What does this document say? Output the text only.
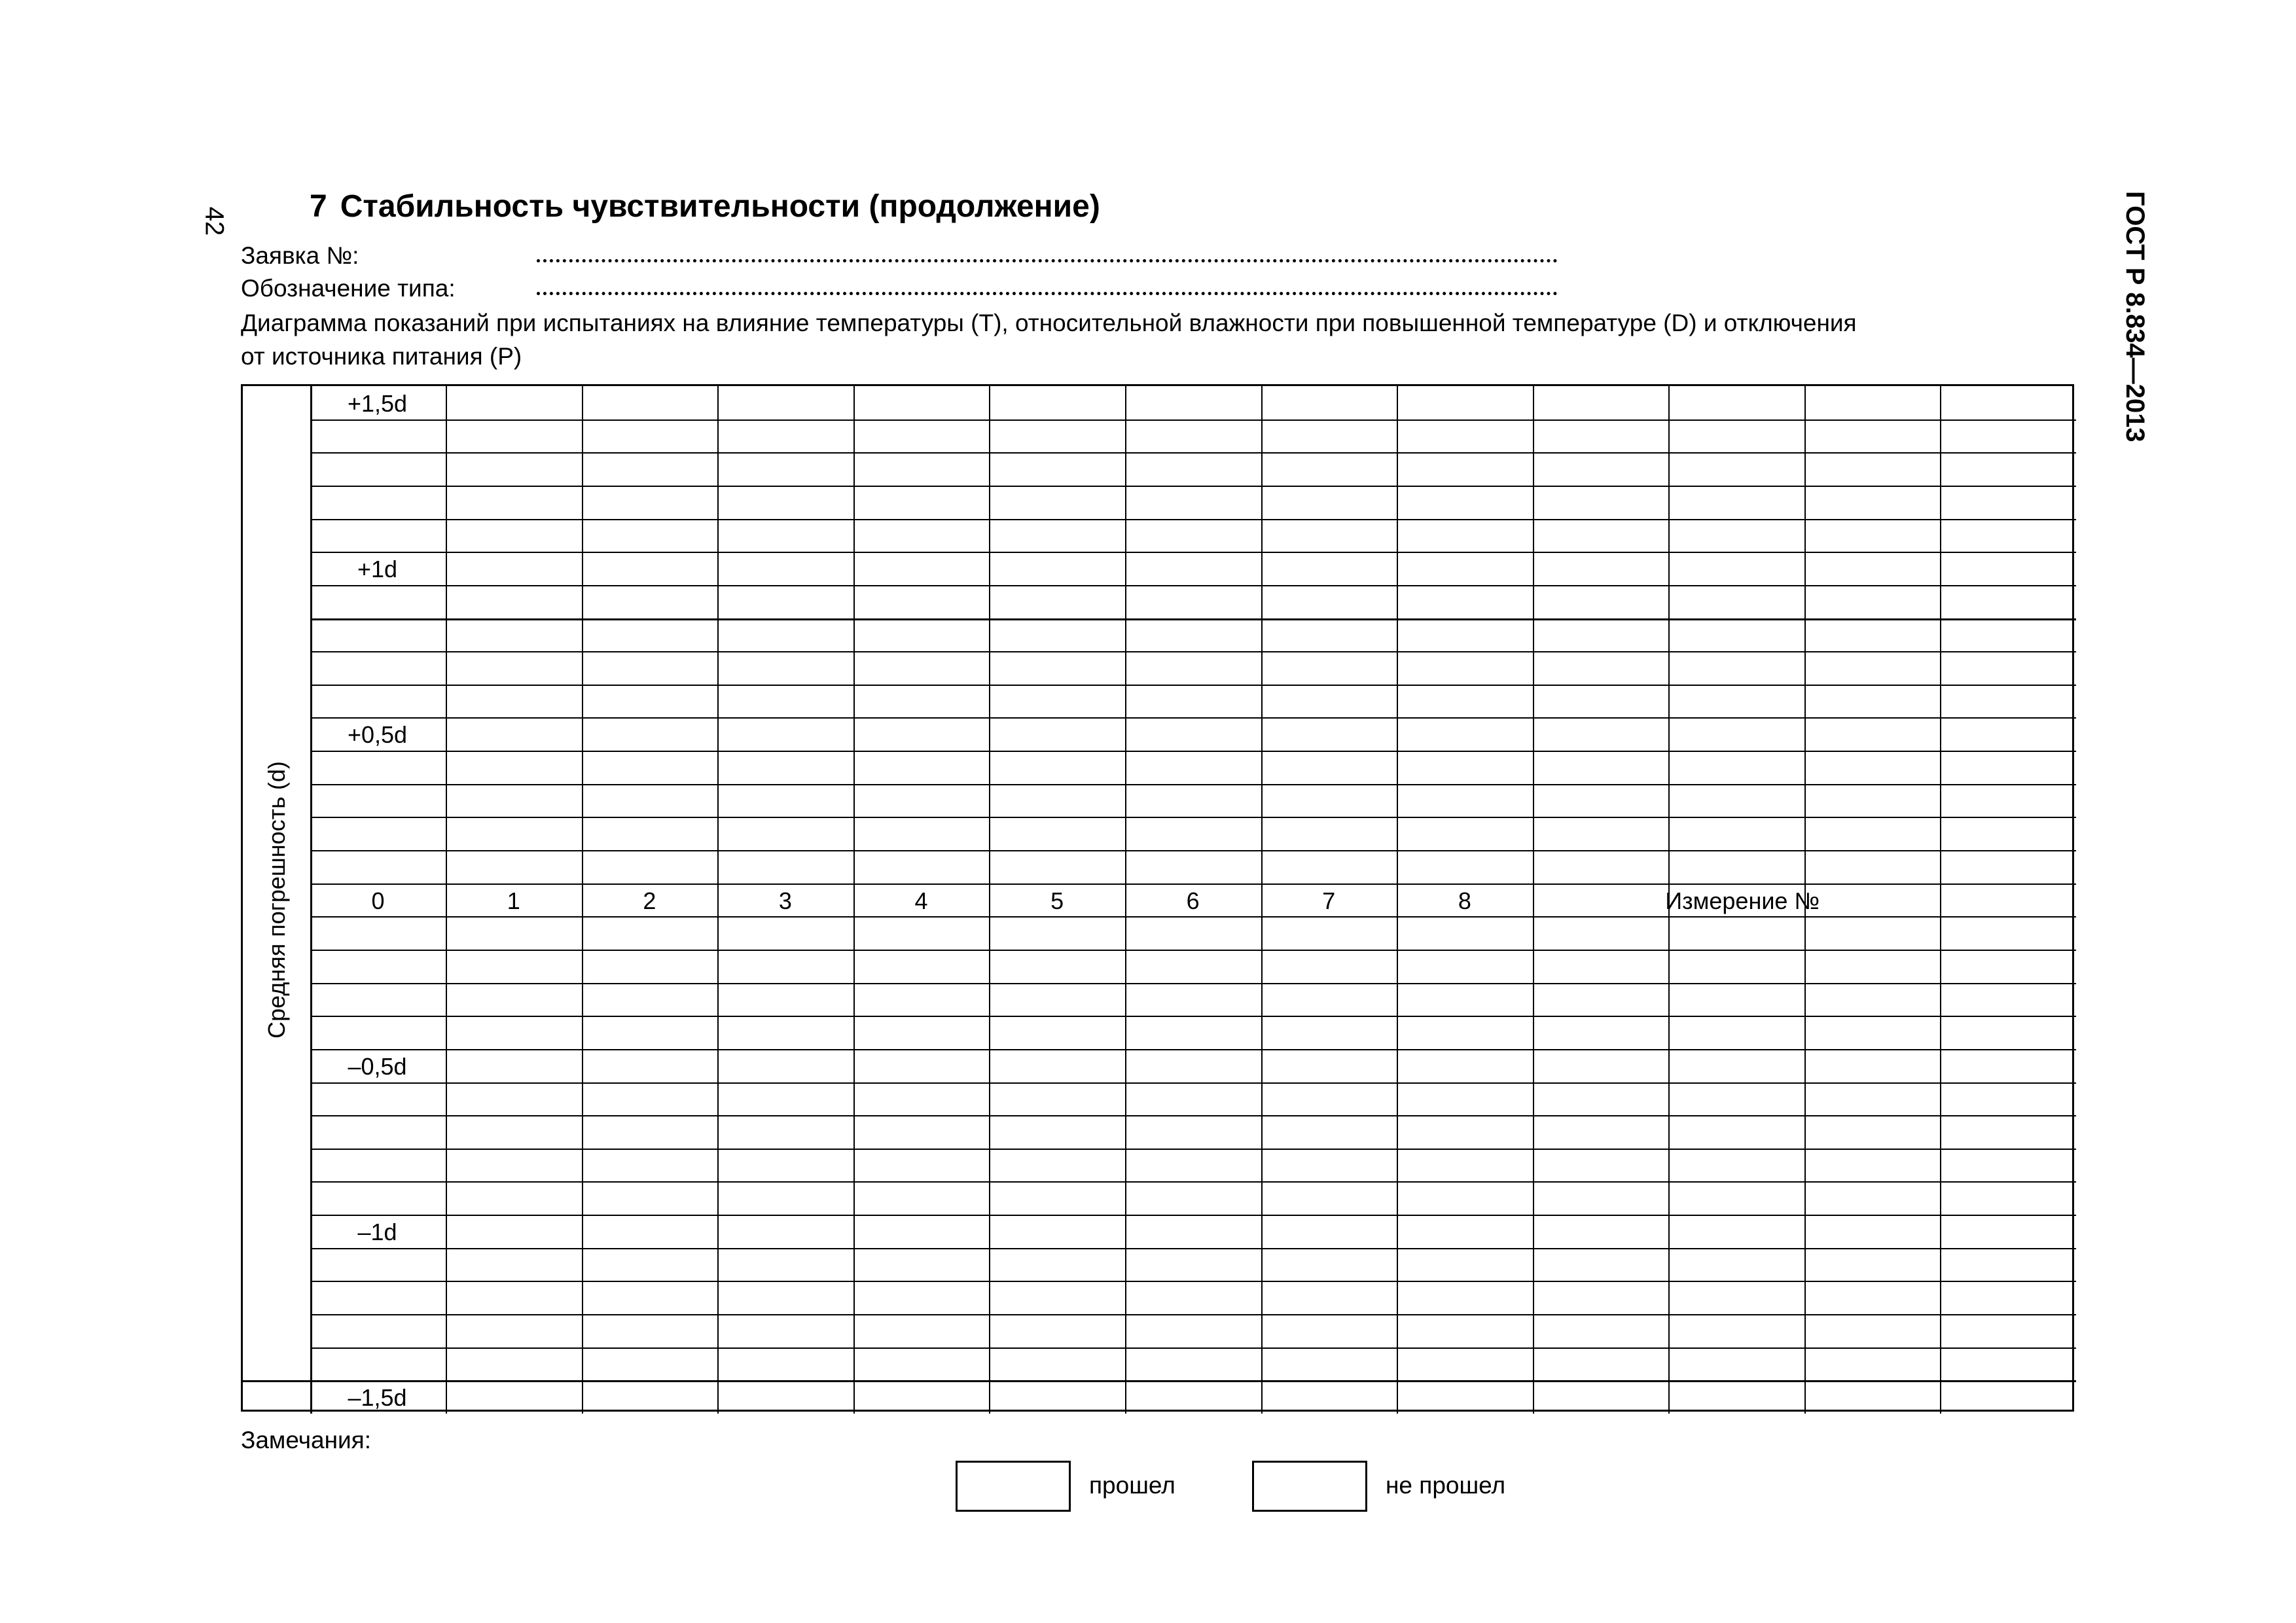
42	ГОСТ Р 8.834—2013
7 Стабильность чувствительности (продолжение)
Заявка №:
Обозначение типа:

Диаграмма показаний при испытаниях на влияние температуры (T), относительной влажности при повышенной температуре (D) и отключения

от источника питания (P)

Средняя погрешность (d)
+1,5d
+1d
+0,5d
–0,5d
–1d
–1,5d
0	1	2	3	4	5	6	7	8	Измерение №
Замечания:
прошел	не прошел
